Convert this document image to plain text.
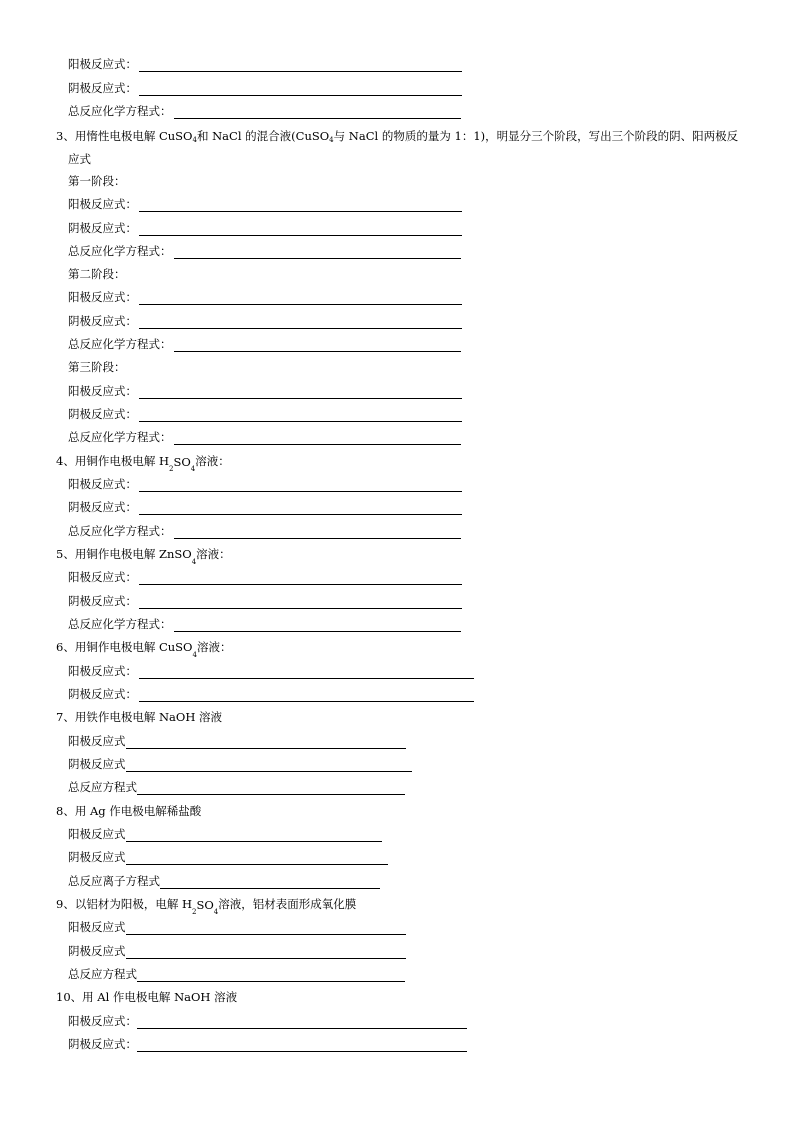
阳极反应式：
阴极反应式：
总反应化学方程式：
3、用惰性电极电解 CuSO$_4$和 NaCl 的混合液(CuSO$_4$与 NaCl 的物质的量为 1：1)，明显分三个阶段，写出三个阶段的阴、阳两极反
应式
第一阶段：
阳极反应式：
阴极反应式：
总反应化学方程式：
第二阶段：
阳极反应式：
阴极反应式：
总反应化学方程式：
第三阶段：
阳极反应式：
阴极反应式：
总反应化学方程式：
4、用铜作电极电解 H
2 SO 4
溶液：
阳极反应式：
阴极反应式：
总反应化学方程式：
5、用铜作电极电解 ZnSO
4
溶液：
阳极反应式：
阴极反应式：
总反应化学方程式：
6、用铜作电极电解 CuSO
4
溶液：
阳极反应式：
阴极反应式：
7、用铁作电极电解 NaOH 溶液
阳极反应式
阴极反应式
总反应方程式
8、用 Ag 作电极电解稀盐酸
阳极反应式
阴极反应式
总反应离子方程式
9、以铝材为阳极，电解 H
2 SO 4
溶液，铝材表面形成氧化膜
阳极反应式
阴极反应式
总反应方程式
10、用 Al 作电极电解 NaOH 溶液
阳极反应式：
阴极反应式：
